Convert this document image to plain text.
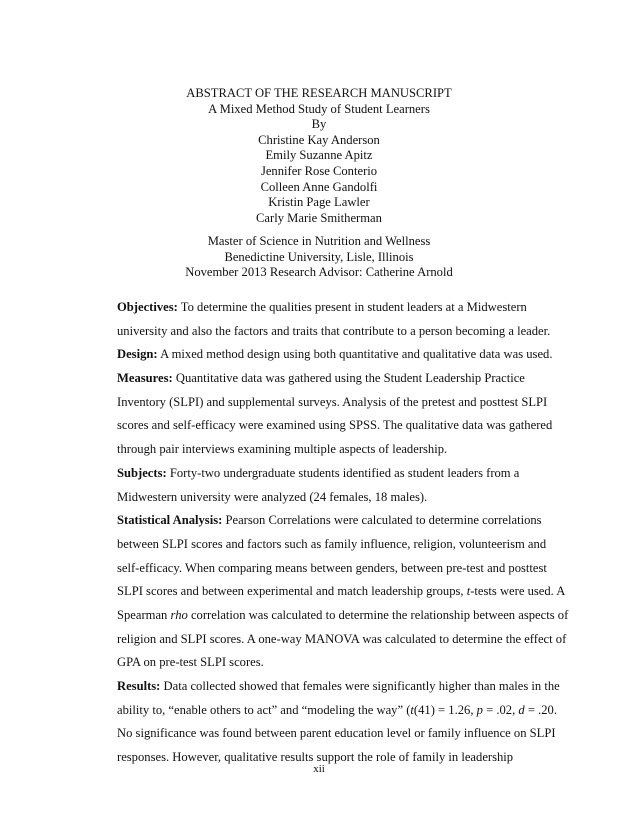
ABSTRACT OF THE RESEARCH MANUSCRIPT
A Mixed Method Study of Student Learners
By
Christine Kay Anderson
Emily Suzanne Apitz
Jennifer Rose Conterio
Colleen Anne Gandolfi
Kristin Page Lawler
Carly Marie Smitherman
Master of Science in Nutrition and Wellness
Benedictine University, Lisle, Illinois
November 2013 Research Advisor: Catherine Arnold
Objectives: To determine the qualities present in student leaders at a Midwestern
university and also the factors and traits that contribute to a person becoming a leader.
Design: A mixed method design using both quantitative and qualitative data was used.
Measures: Quantitative data was gathered using the Student Leadership Practice
Inventory (SLPI) and supplemental surveys. Analysis of the pretest and posttest SLPI
scores and self-efficacy were examined using SPSS. The qualitative data was gathered
through pair interviews examining multiple aspects of leadership.
Subjects: Forty-two undergraduate students identified as student leaders from a
Midwestern university were analyzed (24 females, 18 males).
Statistical Analysis: Pearson Correlations were calculated to determine correlations
between SLPI scores and factors such as family influence, religion, volunteerism and
self-efficacy. When comparing means between genders, between pre-test and posttest
SLPI scores and between experimental and match leadership groups, t-tests were used. A
Spearman rho correlation was calculated to determine the relationship between aspects of
religion and SLPI scores. A one-way MANOVA was calculated to determine the effect of
GPA on pre-test SLPI scores.
Results: Data collected showed that females were significantly higher than males in the
ability to, “enable others to act” and “modeling the way” (t(41) = 1.26, p = .02, d = .20.
No significance was found between parent education level or family influence on SLPI
responses. However, qualitative results support the role of family in leadership
xii
